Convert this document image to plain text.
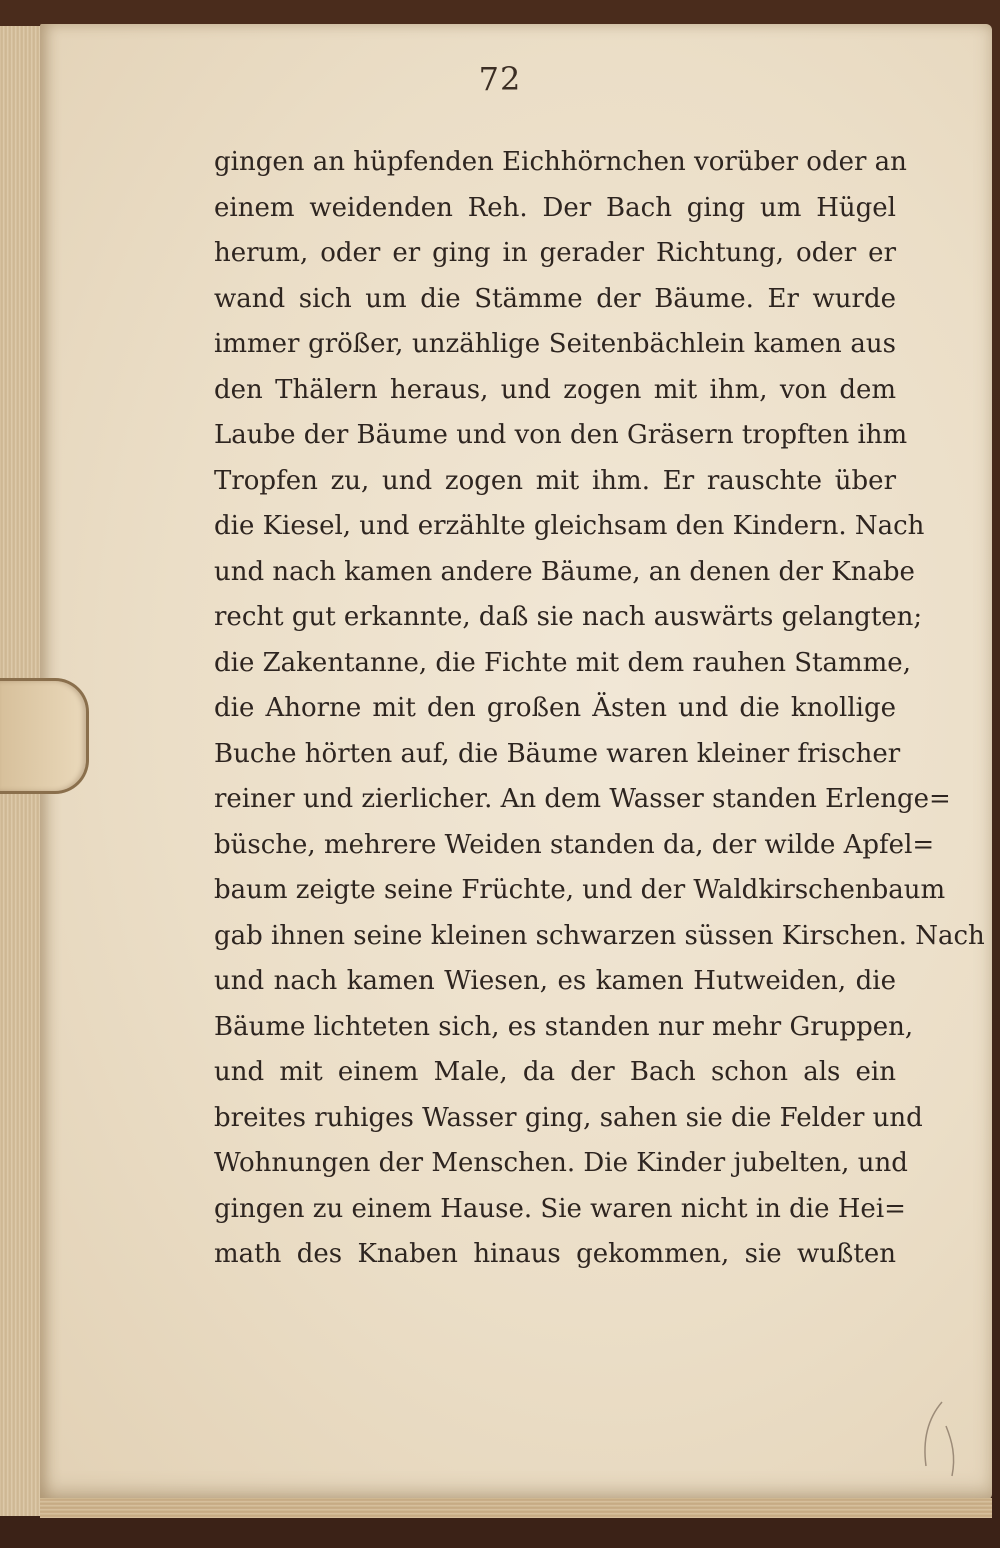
72
gingen an hüpfenden Eichhörnchen vorüber oder an
einem weidenden Reh. Der Bach ging um Hügel
herum, oder er ging in gerader Richtung, oder er
wand sich um die Stämme der Bäume. Er wurde
immer größer, unzählige Seitenbächlein kamen aus
den Thälern heraus, und zogen mit ihm, von dem
Laube der Bäume und von den Gräsern tropften ihm
Tropfen zu, und zogen mit ihm. Er rauschte über
die Kiesel, und erzählte gleichsam den Kindern. Nach
und nach kamen andere Bäume, an denen der Knabe
recht gut erkannte, daß sie nach auswärts gelangten;
die Zakentanne, die Fichte mit dem rauhen Stamme,
die Ahorne mit den großen Ästen und die knollige
Buche hörten auf, die Bäume waren kleiner frischer
reiner und zierlicher. An dem Wasser standen Erlenge=
büsche, mehrere Weiden standen da, der wilde Apfel=
baum zeigte seine Früchte, und der Waldkirschenbaum
gab ihnen seine kleinen schwarzen süssen Kirschen. Nach
und nach kamen Wiesen, es kamen Hutweiden, die
Bäume lichteten sich, es standen nur mehr Gruppen,
und mit einem Male, da der Bach schon als ein
breites ruhiges Wasser ging, sahen sie die Felder und
Wohnungen der Menschen. Die Kinder jubelten, und
gingen zu einem Hause. Sie waren nicht in die Hei=
math des Knaben hinaus gekommen, sie wußten
